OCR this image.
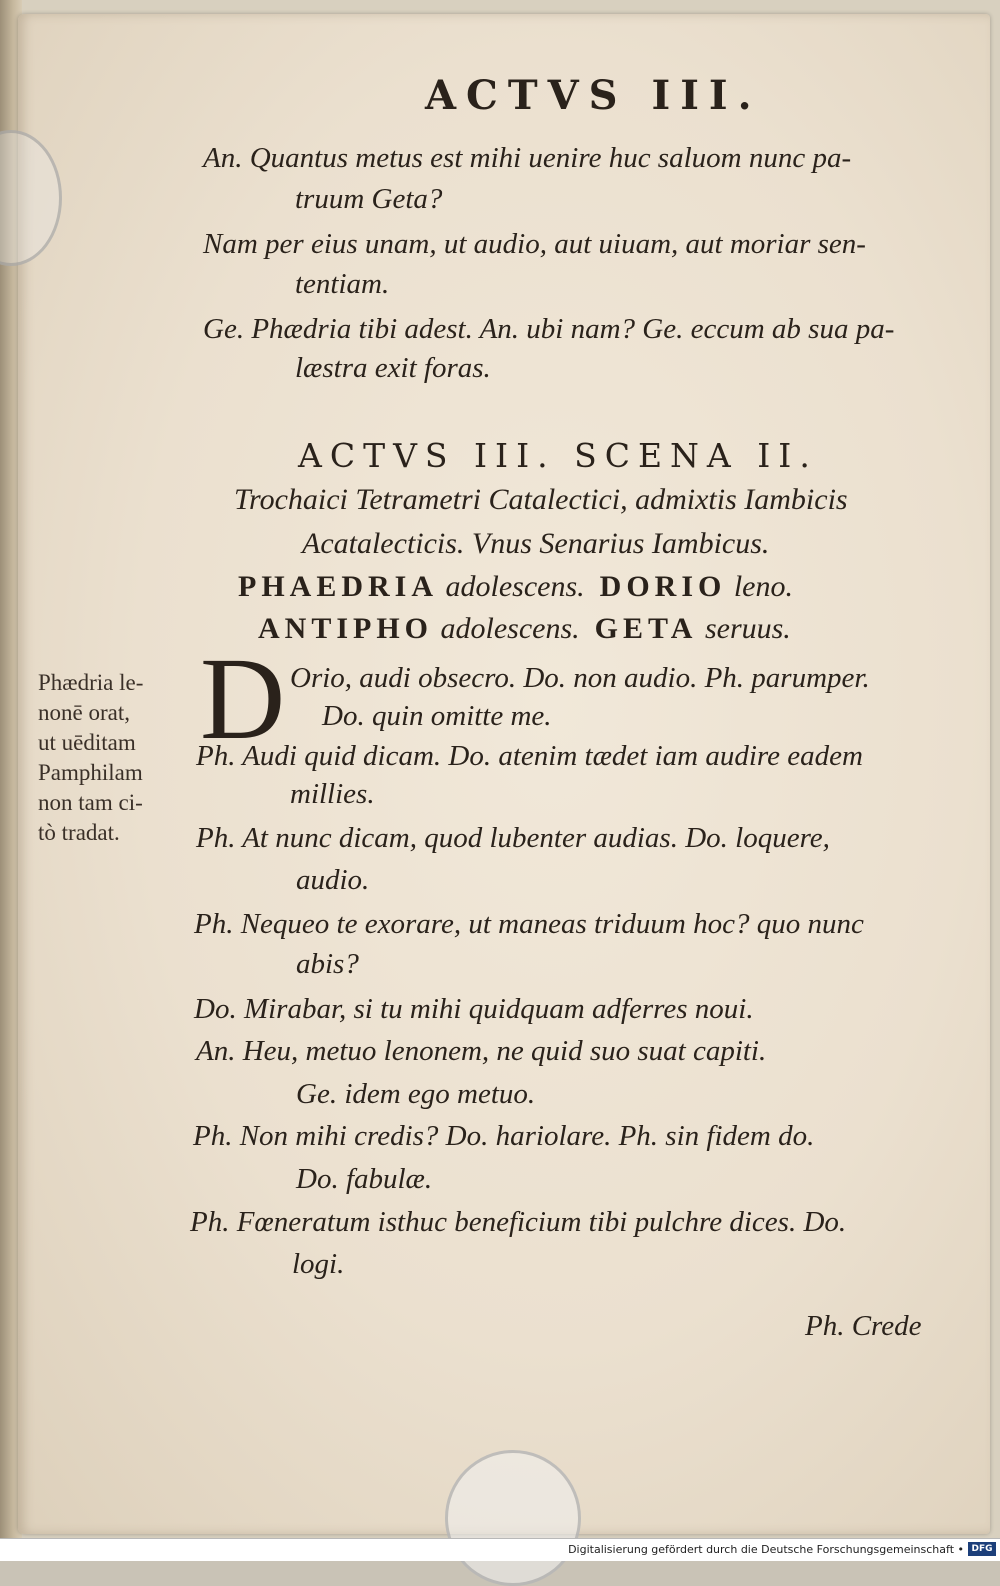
ACTVS III.
An. Quantus metus est mihi uenire huc saluom nunc pa-
truum Geta?
Nam per eius unam, ut audio, aut uiuam, aut moriar sen-
tentiam.
Ge. Phædria tibi adest. An. ubi nam? Ge. eccum ab sua pa-
læstra exit foras.
ACTVS III. SCENA II.
Trochaici Tetrametri Catalectici, admixtis Iambicis
Acatalecticis. Vnus Senarius Iambicus.
PHAEDRIA adolescens. DORIO leno.
ANTIPHO adolescens. GETA seruus.
Phædria le-
nonē orat,
ut uēditam
Pamphilam
non tam ci-
tò tradat.
D Orio, audi obsecro. Do. non audio. Ph. parumper.
Do. quin omitte me.
Ph. Audi quid dicam. Do. atenim tædet iam audire eadem
millies.
Ph. At nunc dicam, quod lubenter audias. Do. loquere,
audio.
Ph. Nequeo te exorare, ut maneas triduum hoc? quo nunc
abis?
Do. Mirabar, si tu mihi quidquam adferres noui.
An. Heu, metuo lenonem, ne quid suo suat capiti.
Ge. idem ego metuo.
Ph. Non mihi credis? Do. hariolare. Ph. sin fidem do.
Do. fabulæ.
Ph. Fœneratum isthuc beneficium tibi pulchre dices. Do.
logi.
Ph. Crede
Digitalisierung gefördert durch die Deutsche Forschungsgemeinschaft • DFG
